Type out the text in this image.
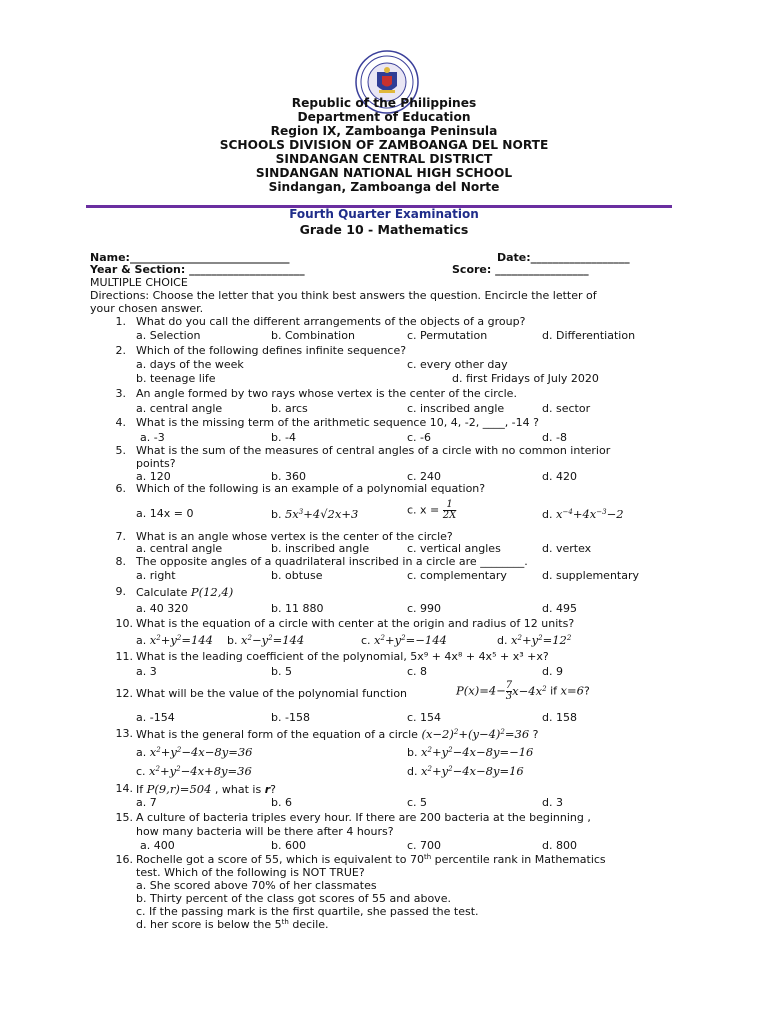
Republic of the Philippines
Department of Education
Region IX, Zamboanga Peninsula
SCHOOLS DIVISION OF ZAMBOANGA DEL NORTE
SINDANGAN CENTRAL DISTRICT
SINDANGAN NATIONAL HIGH SCHOOL
Sindangan, Zamboanga del Norte
Fourth Quarter Examination
Grade 10 - Mathematics
Name:_____________________________	Date:__________________
Year & Section: _____________________	Score: _________________
MULTIPLE CHOICE
Directions: Choose the letter that you think best answers the question. Encircle the letter of
your chosen answer.
1. What do you call the different arrangements of the objects of a group?
a. Selection	b. Combination	c. Permutation	d. Differentiation
2. Which of the following defines infinite sequence?
a. days of the week	c. every other day
b. teenage life	d. first Fridays of July 2020
3. An angle formed by two rays whose vertex is the center of the circle.
a. central angle	b. arcs	c. inscribed angle	d. sector
4. What is the missing term of the arithmetic sequence 10, 4, -2, ____, -14 ?
a. -3	b. -4	c. -6	d. -8
5. What is the sum of the measures of central angles of a circle with no common interior
points?
a. 120	b. 360	c. 240	d. 420
6. Which of the following is an example of a polynomial equation?
a. 14x = 0	b. $5x^3+4√2x+3$	c. $x = \frac{1}{2X}$	d. $x^{-4}+4x^{-3}-2$
7. What is an angle whose vertex is the center of the circle?
a. central angle	b. inscribed angle	c. vertical angles	d. vertex
8. The opposite angles of a quadrilateral inscribed in a circle are ________.
a. right	b. obtuse	c. complementary	d. supplementary
9. Calculate P(12,4)
a. 40 320	b. 11 880	c. 990	d. 495
10. What is the equation of a circle with center at the origin and radius of 12 units?
a. $x^2+y^2=144$ b. $x^2-y^2=144$	c. $x^2+y^2=-144$	d. $x^2+y^2=12^2$
11. What is the leading coefficient of the polynomial, 5x⁹ + 4x⁸ + 4x⁵ + x³ +x?
a. 3	b. 5	c. 8	d. 9
12. What will be the value of the polynomial function	$P(x)=4- \frac{7}{3} x-4x^2$ if x=6?
a. -154	b. -158	c. 154	d. 158
13. What is the general form of the equation of a circle $(x-2)^2+(y-4)^2=36$ ?
a. $x^2+y^2-4x-8y=36$	b. $x^2+y^2-4x-8y=-16$
c. $x^2+y^2-4x+8y=36$	d. $x^2+y^2-4x-8y=16$
14. If P(9,r)=504 , what is r?
a. 7	b. 6	c. 5	d. 3
15. A culture of bacteria triples every hour. If there are 200 bacteria at the beginning ,
how many bacteria will be there after 4 hours?
a. 400	b. 600	c. 700	d. 800
16. Rochelle got a score of 55, which is equivalent to 70th percentile rank in Mathematics
test. Which of the following is NOT TRUE?
a. She scored above 70% of her classmates
b. Thirty percent of the class got scores of 55 and above.
c. If the passing mark is the first quartile, she passed the test.
d. her score is below the 5th decile.
